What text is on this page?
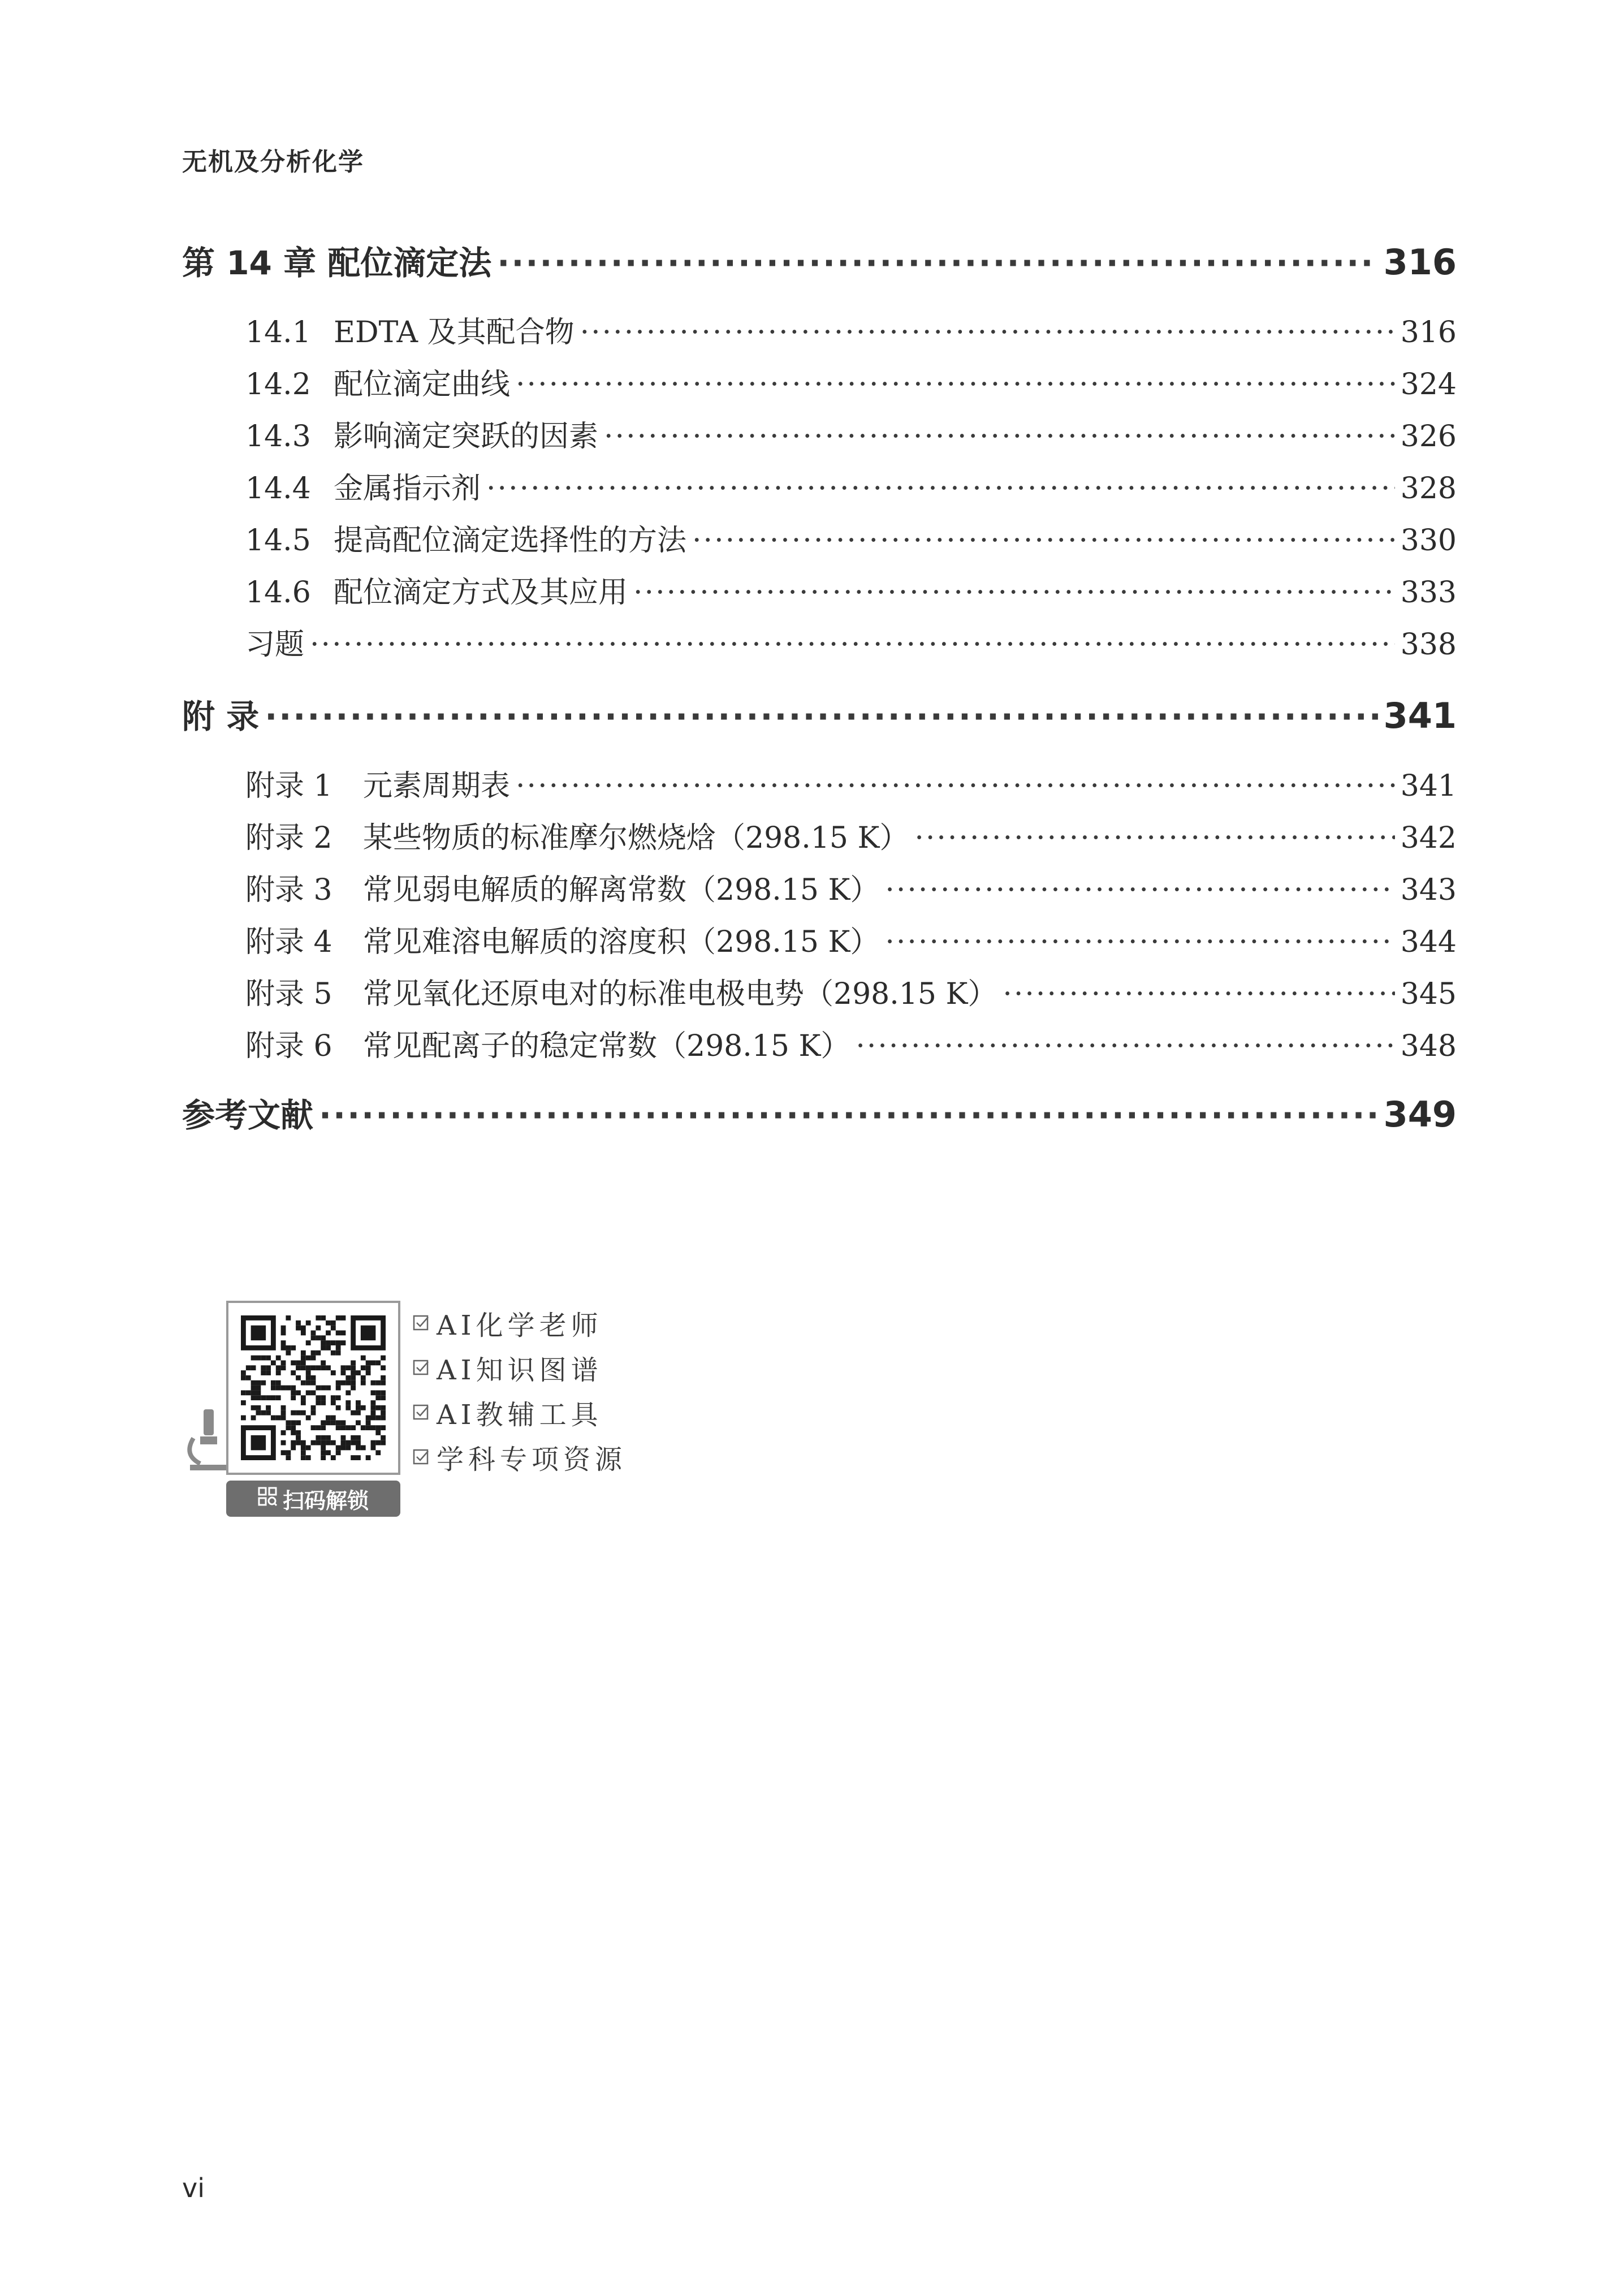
无机及分析化学
第 14 章 配位滴定法 ·····	316
14.1 EDTA 及其配合物 ·····	316
14.2 配位滴定曲线 ·····	324
14.3 影响滴定突跃的因素 ·····	326
14.4 金属指示剂 ·····	328
14.5 提高配位滴定选择性的方法 ·····	330
14.6 配位滴定方式及其应用 ·····	333
习题 ·····	338
附 录 ·····	341
附录 1 元素周期表 ·····	341
附录 2 某些物质的标准摩尔燃烧焓（298.15 K） ·····	342
附录 3 常见弱电解质的解离常数（298.15 K） ·····	343
附录 4 常见难溶电解质的溶度积（298.15 K） ·····	344
附录 5 常见氧化还原电对的标准电极电势（298.15 K） ·····	345
附录 6 常见配离子的稳定常数（298.15 K） ·····	348
参考文献 ·····	349
扫码解锁
AI化学老师
AI知识图谱
AI教辅工具
学科专项资源
vi
